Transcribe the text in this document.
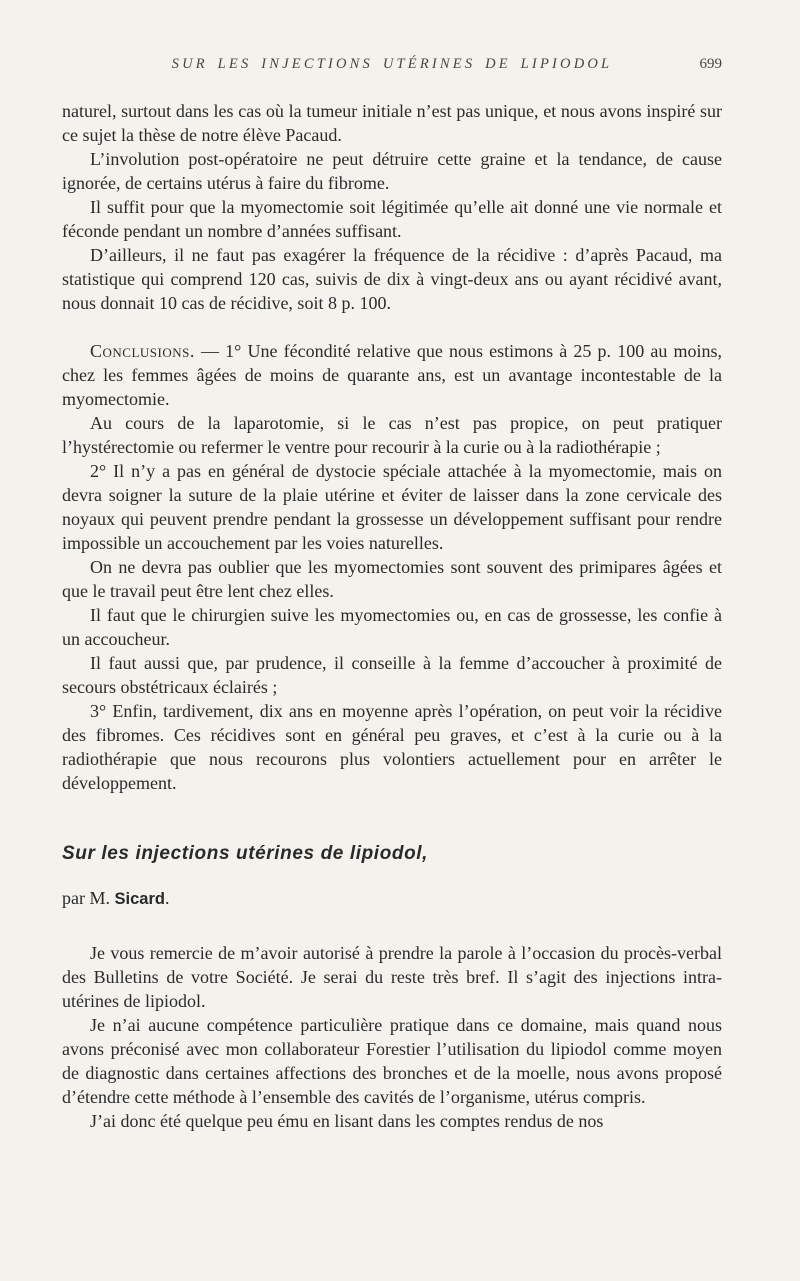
SUR LES INJECTIONS UTÉRINES DE LIPIODOL	699

naturel, surtout dans les cas où la tumeur initiale n’est pas unique, et nous avons inspiré sur ce sujet la thèse de notre élève Pacaud.

L’involution post-opératoire ne peut détruire cette graine et la tendance, de cause ignorée, de certains utérus à faire du fibrome.

Il suffit pour que la myomectomie soit légitimée qu’elle ait donné une vie normale et féconde pendant un nombre d’années suffisant.

D’ailleurs, il ne faut pas exagérer la fréquence de la récidive : d’après Pacaud, ma statistique qui comprend 120 cas, suivis de dix à vingt-deux ans ou ayant récidivé avant, nous donnait 10 cas de récidive, soit 8 p. 100.

Conclusions. — 1° Une fécondité relative que nous estimons à 25 p. 100 au moins, chez les femmes âgées de moins de quarante ans, est un avantage incontestable de la myomectomie.

Au cours de la laparotomie, si le cas n’est pas propice, on peut pratiquer l’hystérectomie ou refermer le ventre pour recourir à la curie ou à la radiothérapie ;

2° Il n’y a pas en général de dystocie spéciale attachée à la myomectomie, mais on devra soigner la suture de la plaie utérine et éviter de laisser dans la zone cervicale des noyaux qui peuvent prendre pendant la grossesse un développement suffisant pour rendre impossible un accouchement par les voies naturelles.

On ne devra pas oublier que les myomectomies sont souvent des primipares âgées et que le travail peut être lent chez elles.

Il faut que le chirurgien suive les myomectomies ou, en cas de grossesse, les confie à un accoucheur.

Il faut aussi que, par prudence, il conseille à la femme d’accoucher à proximité de secours obstétricaux éclairés ;

3° Enfin, tardivement, dix ans en moyenne après l’opération, on peut voir la récidive des fibromes. Ces récidives sont en général peu graves, et c’est à la curie ou à la radiothérapie que nous recourons plus volontiers actuellement pour en arrêter le développement.

Sur les injections utérines de lipiodol,

par M. Sicard.

Je vous remercie de m’avoir autorisé à prendre la parole à l’occasion du procès-verbal des Bulletins de votre Société. Je serai du reste très bref. Il s’agit des injections intra-utérines de lipiodol.

Je n’ai aucune compétence particulière pratique dans ce domaine, mais quand nous avons préconisé avec mon collaborateur Forestier l’utilisation du lipiodol comme moyen de diagnostic dans certaines affections des bronches et de la moelle, nous avons proposé d’étendre cette méthode à l’ensemble des cavités de l’organisme, utérus compris.

J’ai donc été quelque peu ému en lisant dans les comptes rendus de nos
